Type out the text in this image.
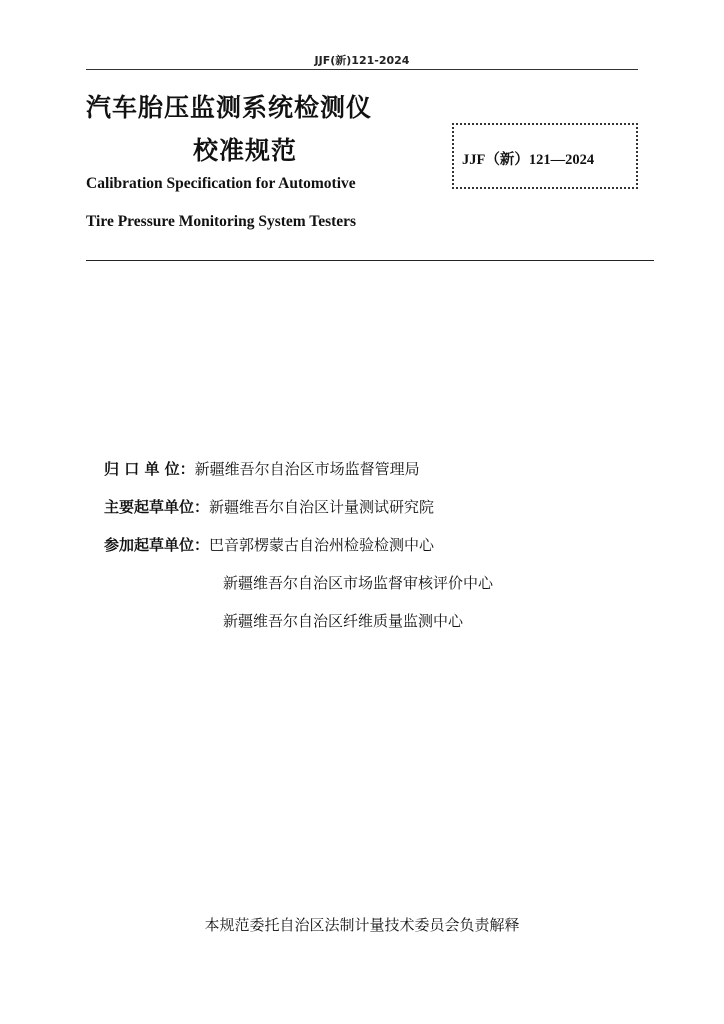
JJF(新)121-2024
汽车胎压监测系统检测仪
校准规范
Calibration Specification for Automotive
Tire Pressure Monitoring System Testers
JJF（新）121—2024
归 口 单 位：新疆维吾尔自治区市场监督管理局
主要起草单位：新疆维吾尔自治区计量测试研究院
参加起草单位：巴音郭楞蒙古自治州检验检测中心
新疆维吾尔自治区市场监督审核评价中心
新疆维吾尔自治区纤维质量监测中心
本规范委托自治区法制计量技术委员会负责解释
